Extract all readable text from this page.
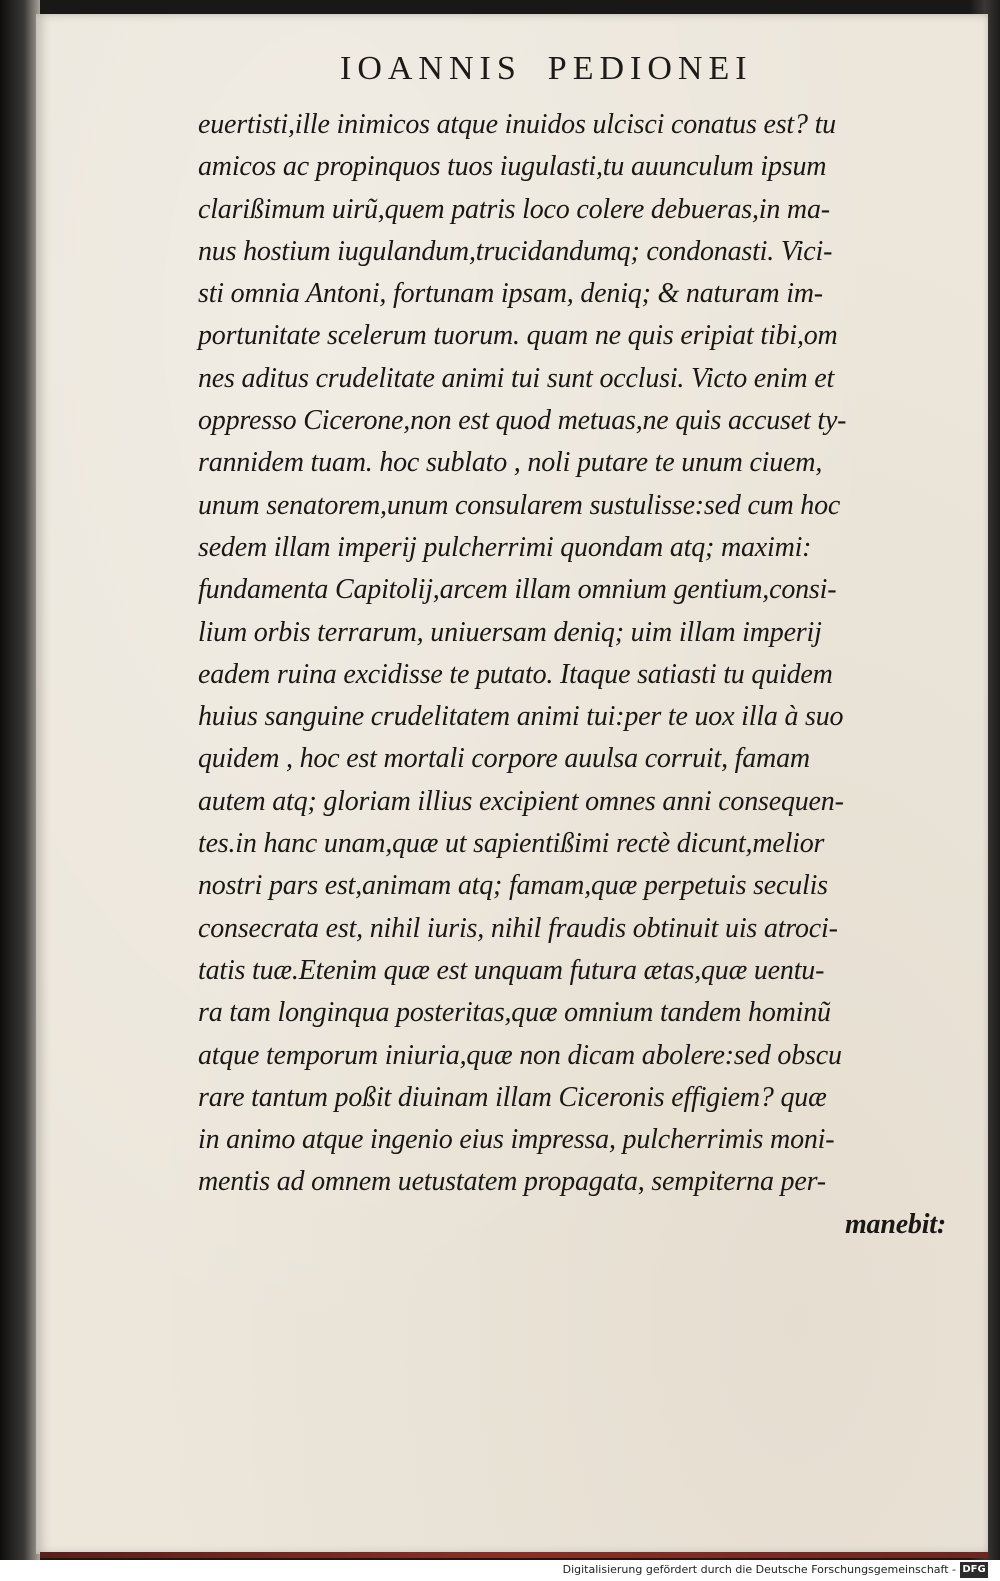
IOANNIS PEDIONEI
euertisti,ille inimicos atque inuidos ulcisci conatus est? tu
amicos ac propinquos tuos iugulasti,tu auunculum ipsum
clarißimum uirũ,quem patris loco colere debueras,in ma-
nus hostium iugulandum,trucidandumq; condonasti. Vici-
sti omnia Antoni, fortunam ipsam, deniq; & naturam im-
portunitate scelerum tuorum. quam ne quis eripiat tibi,om
nes aditus crudelitate animi tui sunt occlusi. Victo enim et
oppresso Cicerone,non est quod metuas,ne quis accuset ty-
rannidem tuam. hoc sublato , noli putare te unum ciuem,
unum senatorem,unum consularem sustulisse:sed cum hoc
sedem illam imperij pulcherrimi quondam atq; maximi:
fundamenta Capitolij,arcem illam omnium gentium,consi-
lium orbis terrarum, uniuersam deniq; uim illam imperij
eadem ruina excidisse te putato. Itaque satiasti tu quidem
huius sanguine crudelitatem animi tui:per te uox illa à suo
quidem , hoc est mortali corpore auulsa corruit, famam
autem atq; gloriam illius excipient omnes anni consequen-
tes.in hanc unam,quæ ut sapientißimi rectè dicunt,melior
nostri pars est,animam atq; famam,quæ perpetuis seculis
consecrata est, nihil iuris, nihil fraudis obtinuit uis atroci-
tatis tuæ.Etenim quæ est unquam futura ætas,quæ uentu-
ra tam longinqua posteritas,quæ omnium tandem hominũ
atque temporum iniuria,quæ non dicam abolere:sed obscu
rare tantum poßit diuinam illam Ciceronis effigiem? quæ
in animo atque ingenio eius impressa, pulcherrimis moni-
mentis ad omnem uetustatem propagata, sempiterna per-
manebit:
Digitalisierung gefördert durch die Deutsche Forschungsgemeinschaft - DFG
